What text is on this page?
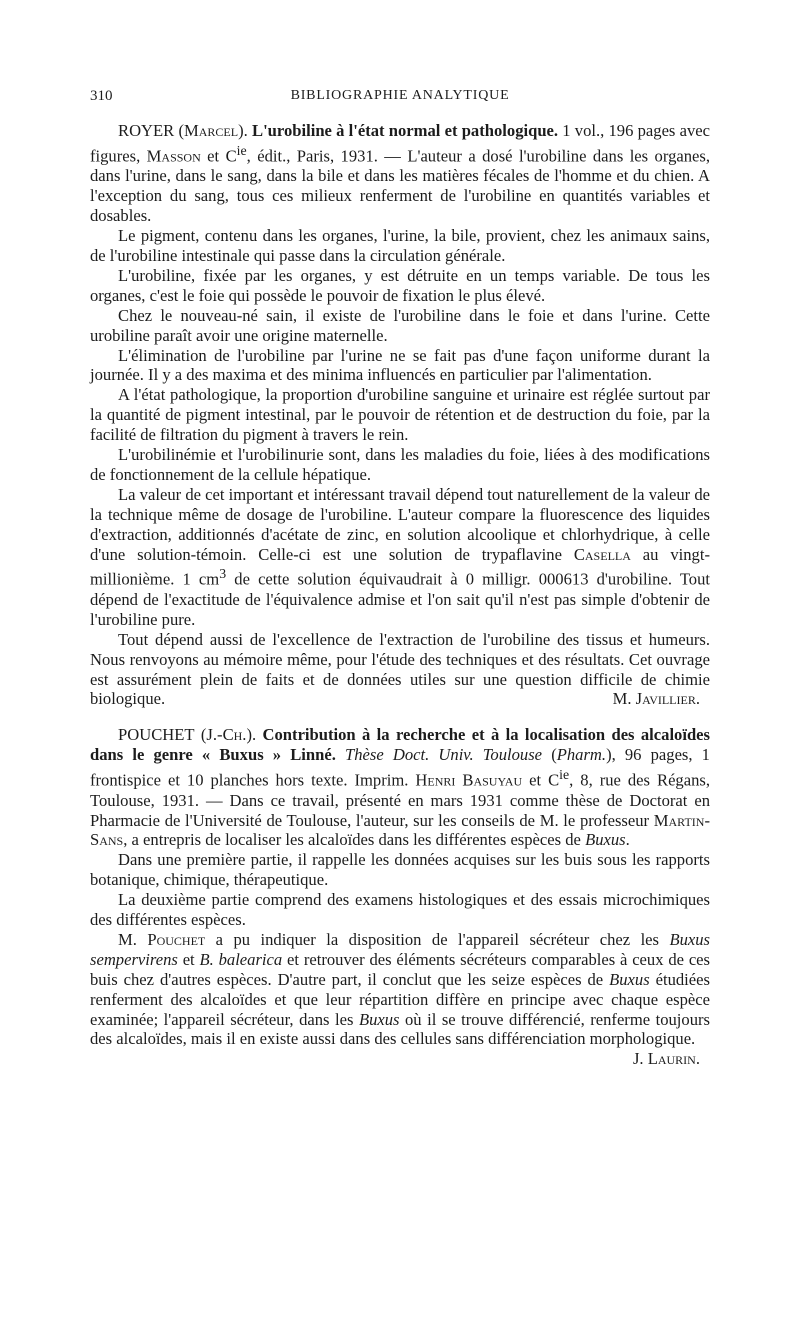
310	BIBLIOGRAPHIE ANALYTIQUE

ROYER (Marcel). L'urobiline à l'état normal et pathologique. 1 vol., 196 pages avec figures, Masson et $C^{ie}$, édit., Paris, 1931. — L'auteur a dosé l'urobiline dans les organes, dans l'urine, dans le sang, dans la bile et dans les matières fécales de l'homme et du chien. A l'exception du sang, tous ces milieux renferment de l'urobiline en quantités variables et dosables.

Le pigment, contenu dans les organes, l'urine, la bile, provient, chez les animaux sains, de l'urobiline intestinale qui passe dans la circulation générale.

L'urobiline, fixée par les organes, y est détruite en un temps variable. De tous les organes, c'est le foie qui possède le pouvoir de fixation le plus élevé.

Chez le nouveau-né sain, il existe de l'urobiline dans le foie et dans l'urine. Cette urobiline paraît avoir une origine maternelle.

L'élimination de l'urobiline par l'urine ne se fait pas d'une façon uniforme durant la journée. Il y a des maxima et des minima influencés en particulier par l'alimentation.

A l'état pathologique, la proportion d'urobiline sanguine et urinaire est réglée surtout par la quantité de pigment intestinal, par le pouvoir de rétention et de destruction du foie, par la facilité de filtration du pigment à travers le rein.

L'urobilinémie et l'urobilinurie sont, dans les maladies du foie, liées à des modifications de fonctionnement de la cellule hépatique.

La valeur de cet important et intéressant travail dépend tout naturellement de la valeur de la technique même de dosage de l'urobiline. L'auteur compare la fluorescence des liquides d'extraction, additionnés d'acétate de zinc, en solution alcoolique et chlorhydrique, à celle d'une solution-témoin. Celle-ci est une solution de trypaflavine Casella au vingt-millionième. 1 $cm^3$ de cette solution équivaudrait à 0 milligr. 000613 d'urobiline. Tout dépend de l'exactitude de l'équivalence admise et l'on sait qu'il n'est pas simple d'obtenir de l'urobiline pure.

Tout dépend aussi de l'excellence de l'extraction de l'urobiline des tissus et humeurs. Nous renvoyons au mémoire même, pour l'étude des techniques et des résultats. Cet ouvrage est assurément plein de faits et de données utiles sur une question difficile de chimie biologique.	M. Javillier.

POUCHET (J.-Ch.). Contribution à la recherche et à la localisation des alcaloïdes dans le genre « Buxus » Linné. Thèse Doct. Univ. Toulouse (Pharm.), 96 pages, 1 frontispice et 10 planches hors texte. Imprim. Henri Basuyau et $C^{ie}$, 8, rue des Régans, Toulouse, 1931. — Dans ce travail, présenté en mars 1931 comme thèse de Doctorat en Pharmacie de l'Université de Toulouse, l'auteur, sur les conseils de M. le professeur Martin-Sans, a entrepris de localiser les alcaloïdes dans les différentes espèces de Buxus.

Dans une première partie, il rappelle les données acquises sur les buis sous les rapports botanique, chimique, thérapeutique.

La deuxième partie comprend des examens histologiques et des essais microchimiques des différentes espèces.

M. Pouchet a pu indiquer la disposition de l'appareil sécréteur chez les Buxus sempervirens et B. balearica et retrouver des éléments sécréteurs comparables à ceux de ces buis chez d'autres espèces. D'autre part, il conclut que les seize espèces de Buxus étudiées renferment des alcaloïdes et que leur répartition diffère en principe avec chaque espèce examinée; l'appareil sécréteur, dans les Buxus où il se trouve différencié, renferme toujours des alcaloïdes, mais il en existe aussi dans des cellules sans différenciation morphologique.
J. Laurin.
